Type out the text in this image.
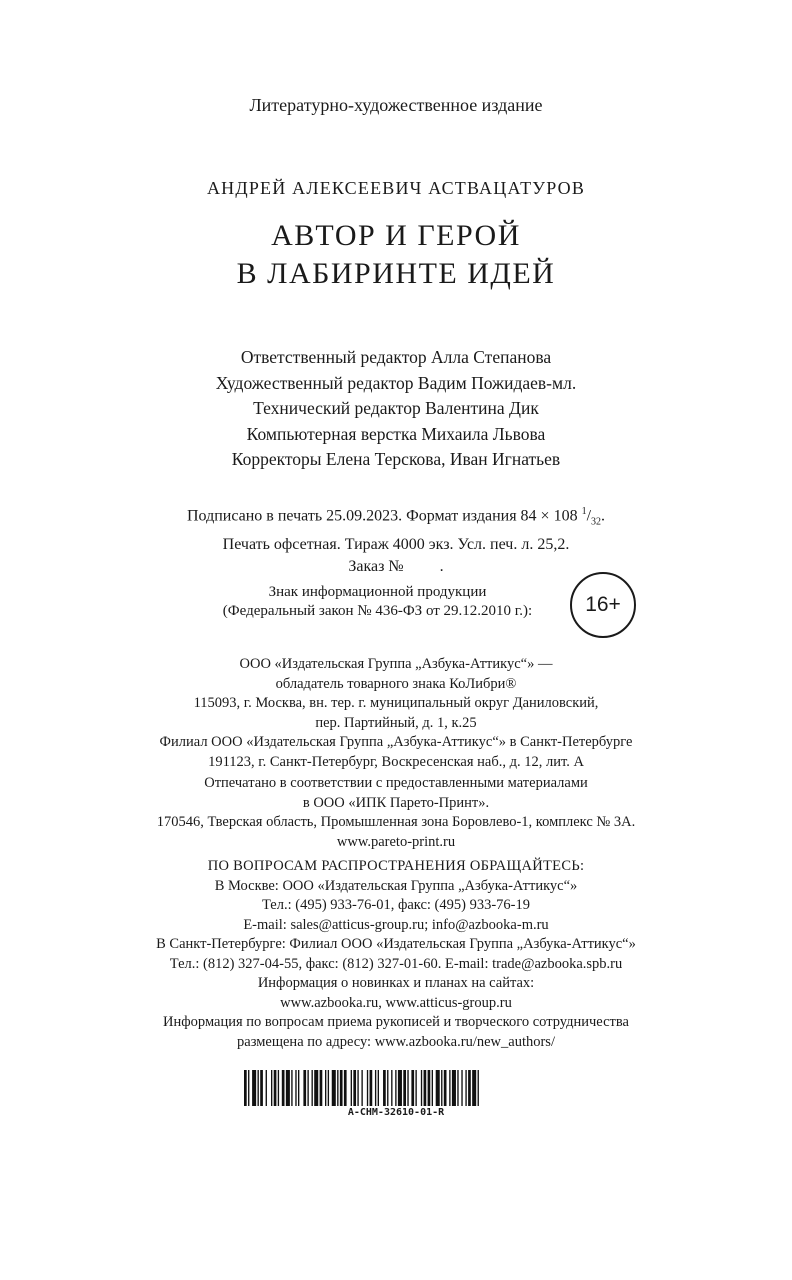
Литературно-художественное издание
АНДРЕЙ АЛЕКСЕЕВИЧ АСТВАЦАТУРОВ
АВТОР И ГЕРОЙ
В ЛАБИРИНТЕ ИДЕЙ
Ответственный редактор Алла Степанова
Художественный редактор Вадим Пожидаев-мл.
Технический редактор Валентина Дик
Компьютерная верстка Михаила Львова
Корректоры Елена Терскова, Иван Игнатьев
Подписано в печать 25.09.2023. Формат издания 84 × 108 $^1/_{32}$.
Печать офсетная. Тираж 4000 экз. Усл. печ. л. 25,2.
Заказ №         .
Знак информационной продукции
(Федеральный закон № 436-ФЗ от 29.12.2010 г.):	16+
ООО «Издательская Группа „Азбука-Аттикус“» —
обладатель товарного знака КоЛибри®
115093, г. Москва, вн. тер. г. муниципальный округ Даниловский,
пер. Партийный, д. 1, к.25
Филиал ООО «Издательская Группа „Азбука-Аттикус“» в Санкт-Петербурге
191123, г. Санкт-Петербург, Воскресенская наб., д. 12, лит. А
Отпечатано в соответствии с предоставленными материалами
в ООО «ИПК Парето-Принт».
170546, Тверская область, Промышленная зона Боровлево-1, комплекс № 3А.
www.pareto-print.ru
ПО ВОПРОСАМ РАСПРОСТРАНЕНИЯ ОБРАЩАЙТЕСЬ:
В Москве: ООО «Издательская Группа „Азбука-Аттикус“»
Тел.: (495) 933-76-01, факс: (495) 933-76-19
E-mail: sales@atticus-group.ru; info@azbooka-m.ru
В Санкт-Петербурге: Филиал ООО «Издательская Группа „Азбука-Аттикус“»
Тел.: (812) 327-04-55, факс: (812) 327-01-60. E-mail: trade@azbooka.spb.ru
Информация о новинках и планах на сайтах:
www.azbooka.ru, www.atticus-group.ru
Информация по вопросам приема рукописей и творческого сотрудничества
размещена по адресу: www.azbooka.ru/new_authors/
A-CHM-32610-01-R
